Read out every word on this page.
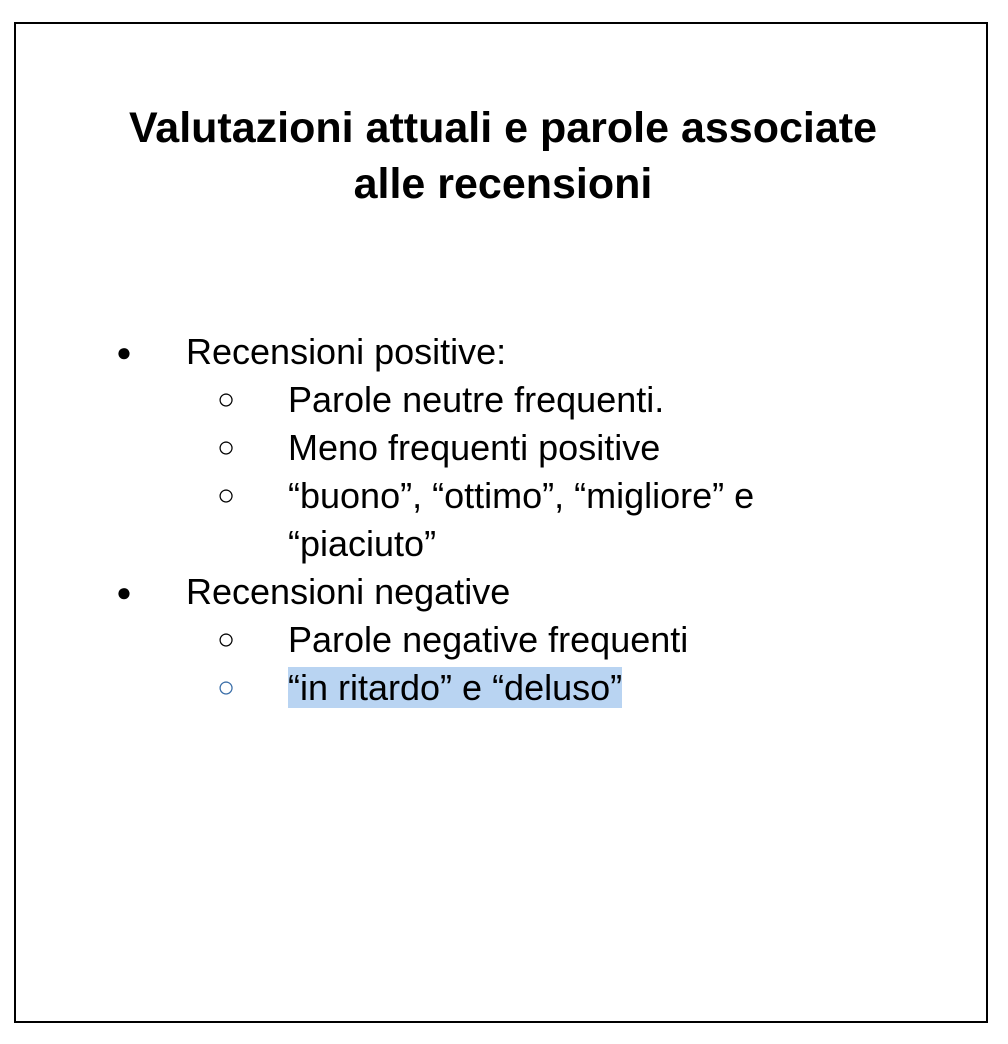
Valutazioni attuali e parole associate
alle recensioni
●	Recensioni positive:
○	Parole neutre frequenti.
○	Meno frequenti positive
○	“buono”, “ottimo”, “migliore” e
“piaciuto”
●	Recensioni negative
○	Parole negative frequenti
○	“in ritardo” e “deluso”
